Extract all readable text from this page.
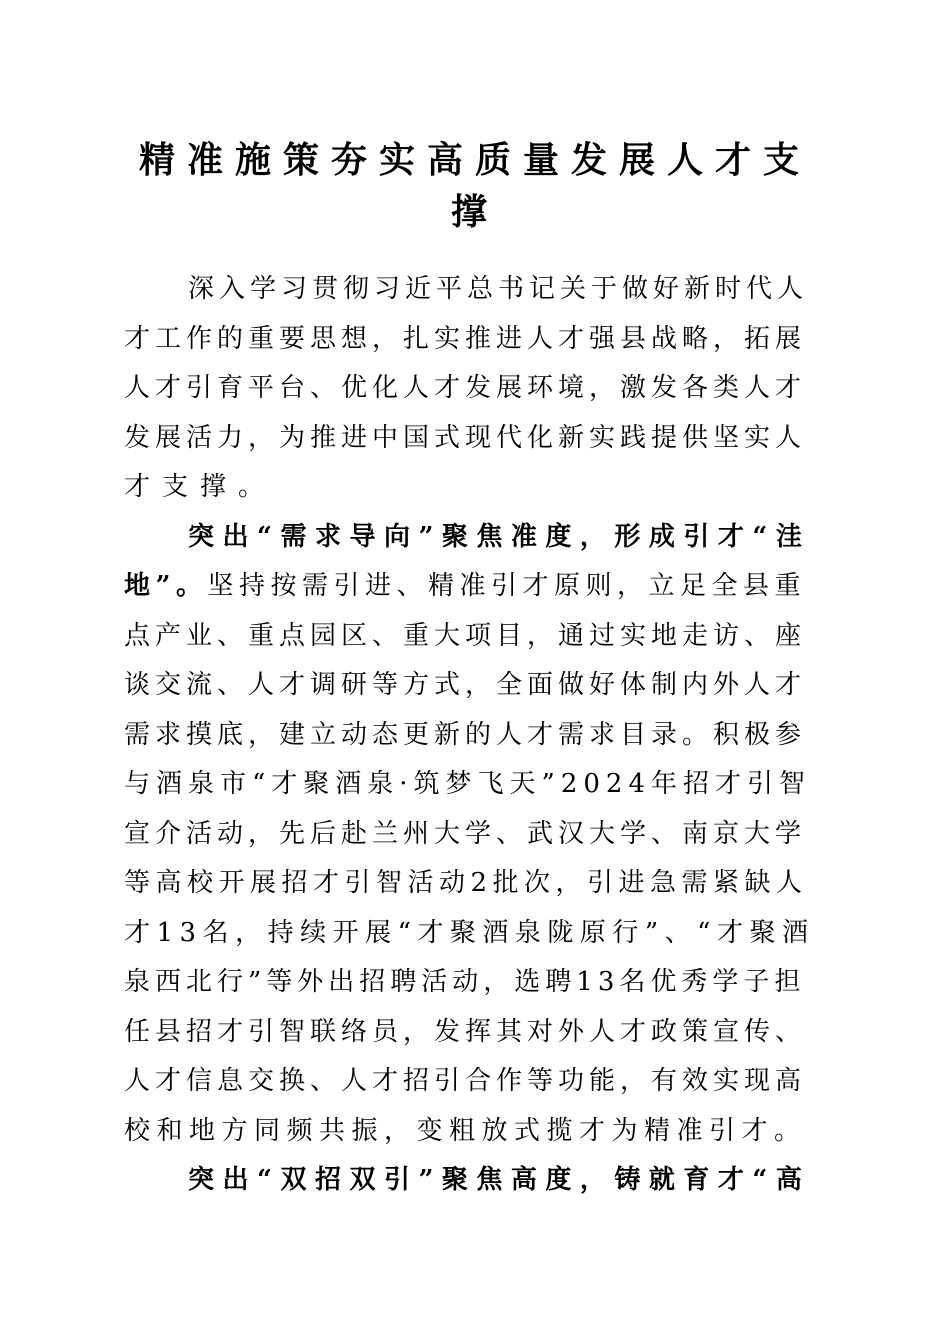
精准施策夯实高质量发展人才支
撑
深入学习贯彻习近平总书记关于做好新时代人
才工作的重要思想，扎实推进人才强县战略，拓展
人才引育平台、优化人才发展环境，激发各类人才
发展活力，为推进中国式现代化新实践提供坚实人
才支撑。
突出“需求导向”聚焦准度，形成引才“洼
地”。坚持按需引进、精准引才原则，立足全县重
点产业、重点园区、重大项目，通过实地走访、座
谈交流、人才调研等方式，全面做好体制内外人才
需求摸底，建立动态更新的人才需求目录。积极参
与酒泉市“才聚酒泉·筑梦飞天”2024年招才引智
宣介活动，先后赴兰州大学、武汉大学、南京大学
等高校开展招才引智活动2批次，引进急需紧缺人
才13名，持续开展“才聚酒泉陇原行”、“才聚酒
泉西北行”等外出招聘活动，选聘13名优秀学子担
任县招才引智联络员，发挥其对外人才政策宣传、
人才信息交换、人才招引合作等功能，有效实现高
校和地方同频共振，变粗放式揽才为精准引才。
突出“双招双引”聚焦高度，铸就育才“高
